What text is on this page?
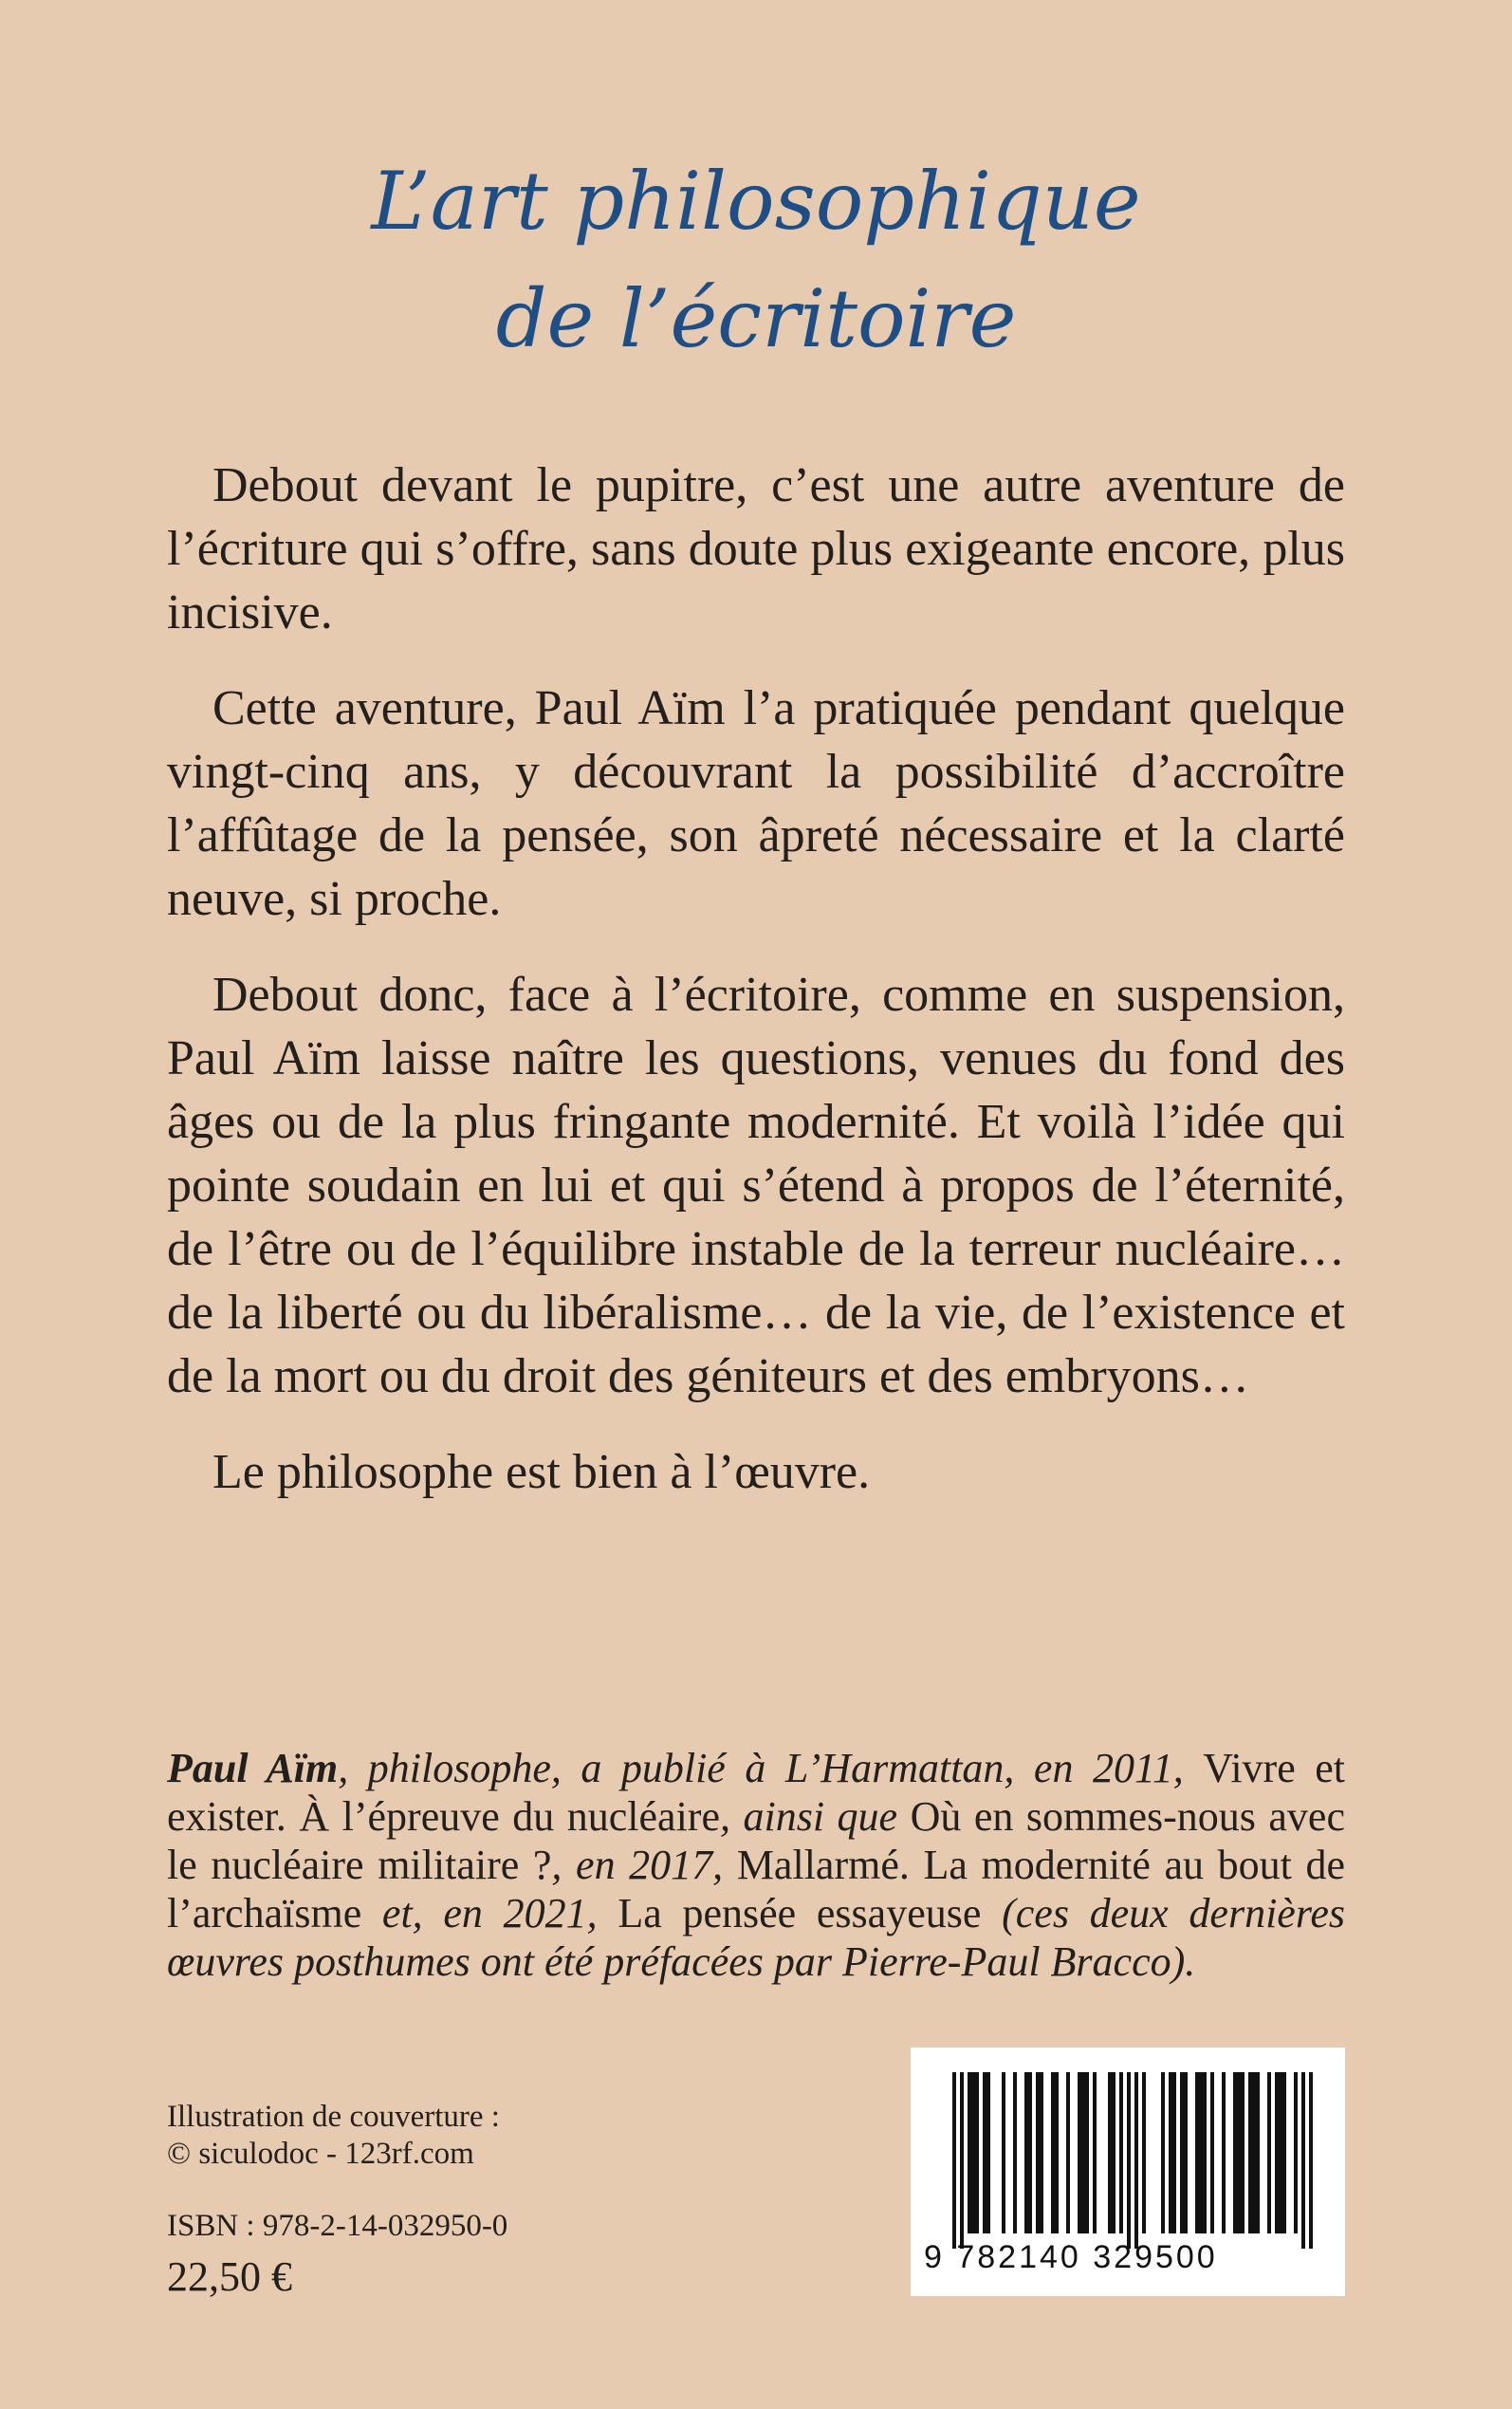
L’art philosophique
de l’écritoire

Debout devant le pupitre, c’est une autre aventure de l’écriture qui s’offre, sans doute plus exigeante encore, plus incisive.

Cette aventure, Paul Aïm l’a pratiquée pendant quelque vingt-cinq ans, y découvrant la possibilité d’accroître l’affûtage de la pensée, son âpreté nécessaire et la clarté neuve, si proche.

Debout donc, face à l’écritoire, comme en suspension, Paul Aïm laisse naître les questions, venues du fond des âges ou de la plus fringante modernité. Et voilà l’idée qui pointe soudain en lui et qui s’étend à propos de l’éternité, de l’être ou de l’équilibre instable de la terreur nucléaire… de la liberté ou du libéralisme… de la vie, de l’existence et de la mort ou du droit des géniteurs et des embryons…

Le philosophe est bien à l’œuvre.

Paul Aïm, philosophe, a publié à L’Harmattan, en 2011, Vivre et exister. À l’épreuve du nucléaire, ainsi que Où en sommes-nous avec le nucléaire militaire ?, en 2017, Mallarmé. La modernité au bout de l’archaïsme et, en 2021, La pensée essayeuse (ces deux dernières œuvres posthumes ont été préfacées par Pierre-Paul Bracco).
Illustration de couverture :
© siculodoc - 123rf.com
ISBN : 978-2-14-032950-0
22,50 €	9 782140 329500
